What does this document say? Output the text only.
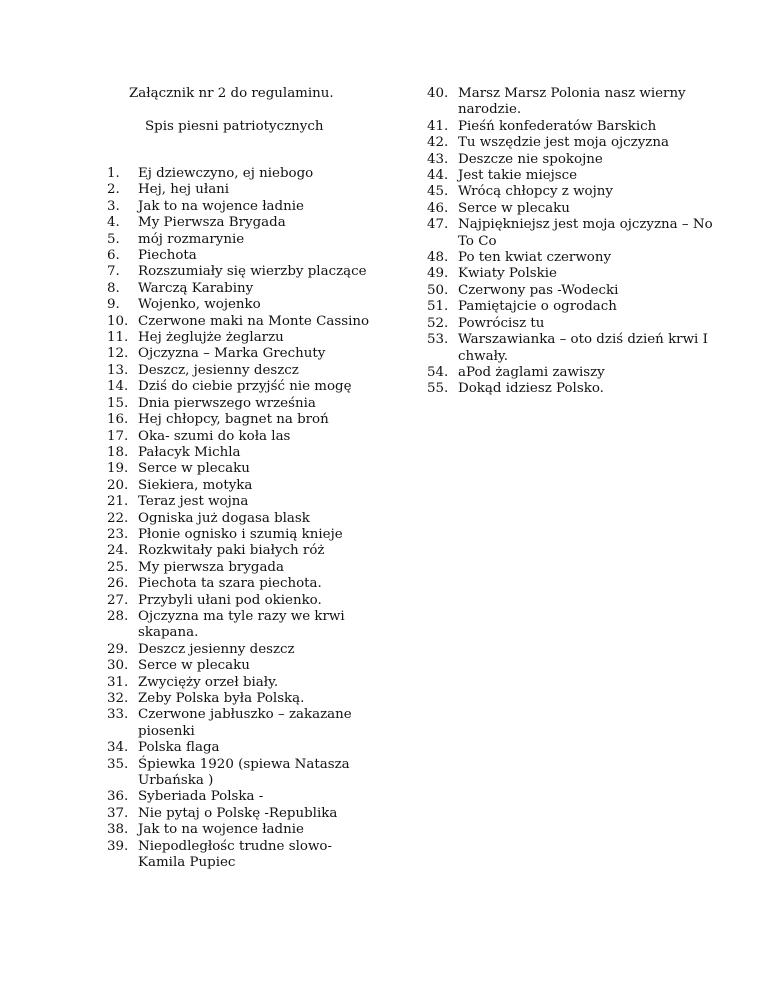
Załącznik nr 2 do regulaminu.

Spis piesni patriotycznych

1.	Ej dziewczyno, ej niebogo
2.	Hej, hej ułani
3.	Jak to na wojence ładnie
4.	My Pierwsza Brygada
5.	mój rozmarynie
6.	Piechota
7.	Rozszumiały się wierzby placzące
8.	Warczą Karabiny
9.	Wojenko, wojenko
10. Czerwone maki na Monte Cassino
11. Hej żeglujże żeglarzu
12. Ojczyzna – Marka Grechuty
13. Deszcz, jesienny deszcz
14. Dziś do ciebie przyjść nie mogę
15. Dnia pierwszego września
16. Hej chłopcy, bagnet na broń
17. Oka- szumi do koła las
18. Pałacyk Michla
19. Serce w plecaku
20. Siekiera, motyka
21. Teraz jest wojna
22. Ogniska już dogasa blask
23. Płonie ognisko i szumią knieje
24. Rozkwitały paki białych róż
25. My pierwsza brygada
26. Piechota ta szara piechota.
27. Przybyli ułani pod okienko.
28. Ojczyzna ma tyle razy we krwi skapana.
29. Deszcz jesienny deszcz
30. Serce w plecaku
31. Zwycięży orzeł biały.
32. Zeby Polska była Polską.
33. Czerwone jabłuszko – zakazane piosenki
34. Polska flaga
35. Śpiewka 1920 (spiewa Natasza Urbańska )
36. Syberiada Polska -
37. Nie pytaj o Polskę -Republika
38. Jak to na wojence ładnie
39. Niepodległośc trudne slowo- Kamila Pupiec
40. Marsz Marsz Polonia nasz wierny narodzie.
41. Pieśń konfederatów Barskich
42. Tu wszędzie jest moja ojczyzna
43. Deszcze nie spokojne
44. Jest takie miejsce
45. Wrócą chłopcy z wojny
46. Serce w plecaku
47. Najpiękniejsz jest moja ojczyzna – No To Co
48. Po ten kwiat czerwony
49. Kwiaty Polskie
50. Czerwony pas -Wodecki
51. Pamiętajcie o ogrodach
52. Powrócisz tu
53. Warszawianka – oto dziś dzień krwi I chwały.
54. aPod żaglami zawiszy
55. Dokąd idziesz Polsko.
